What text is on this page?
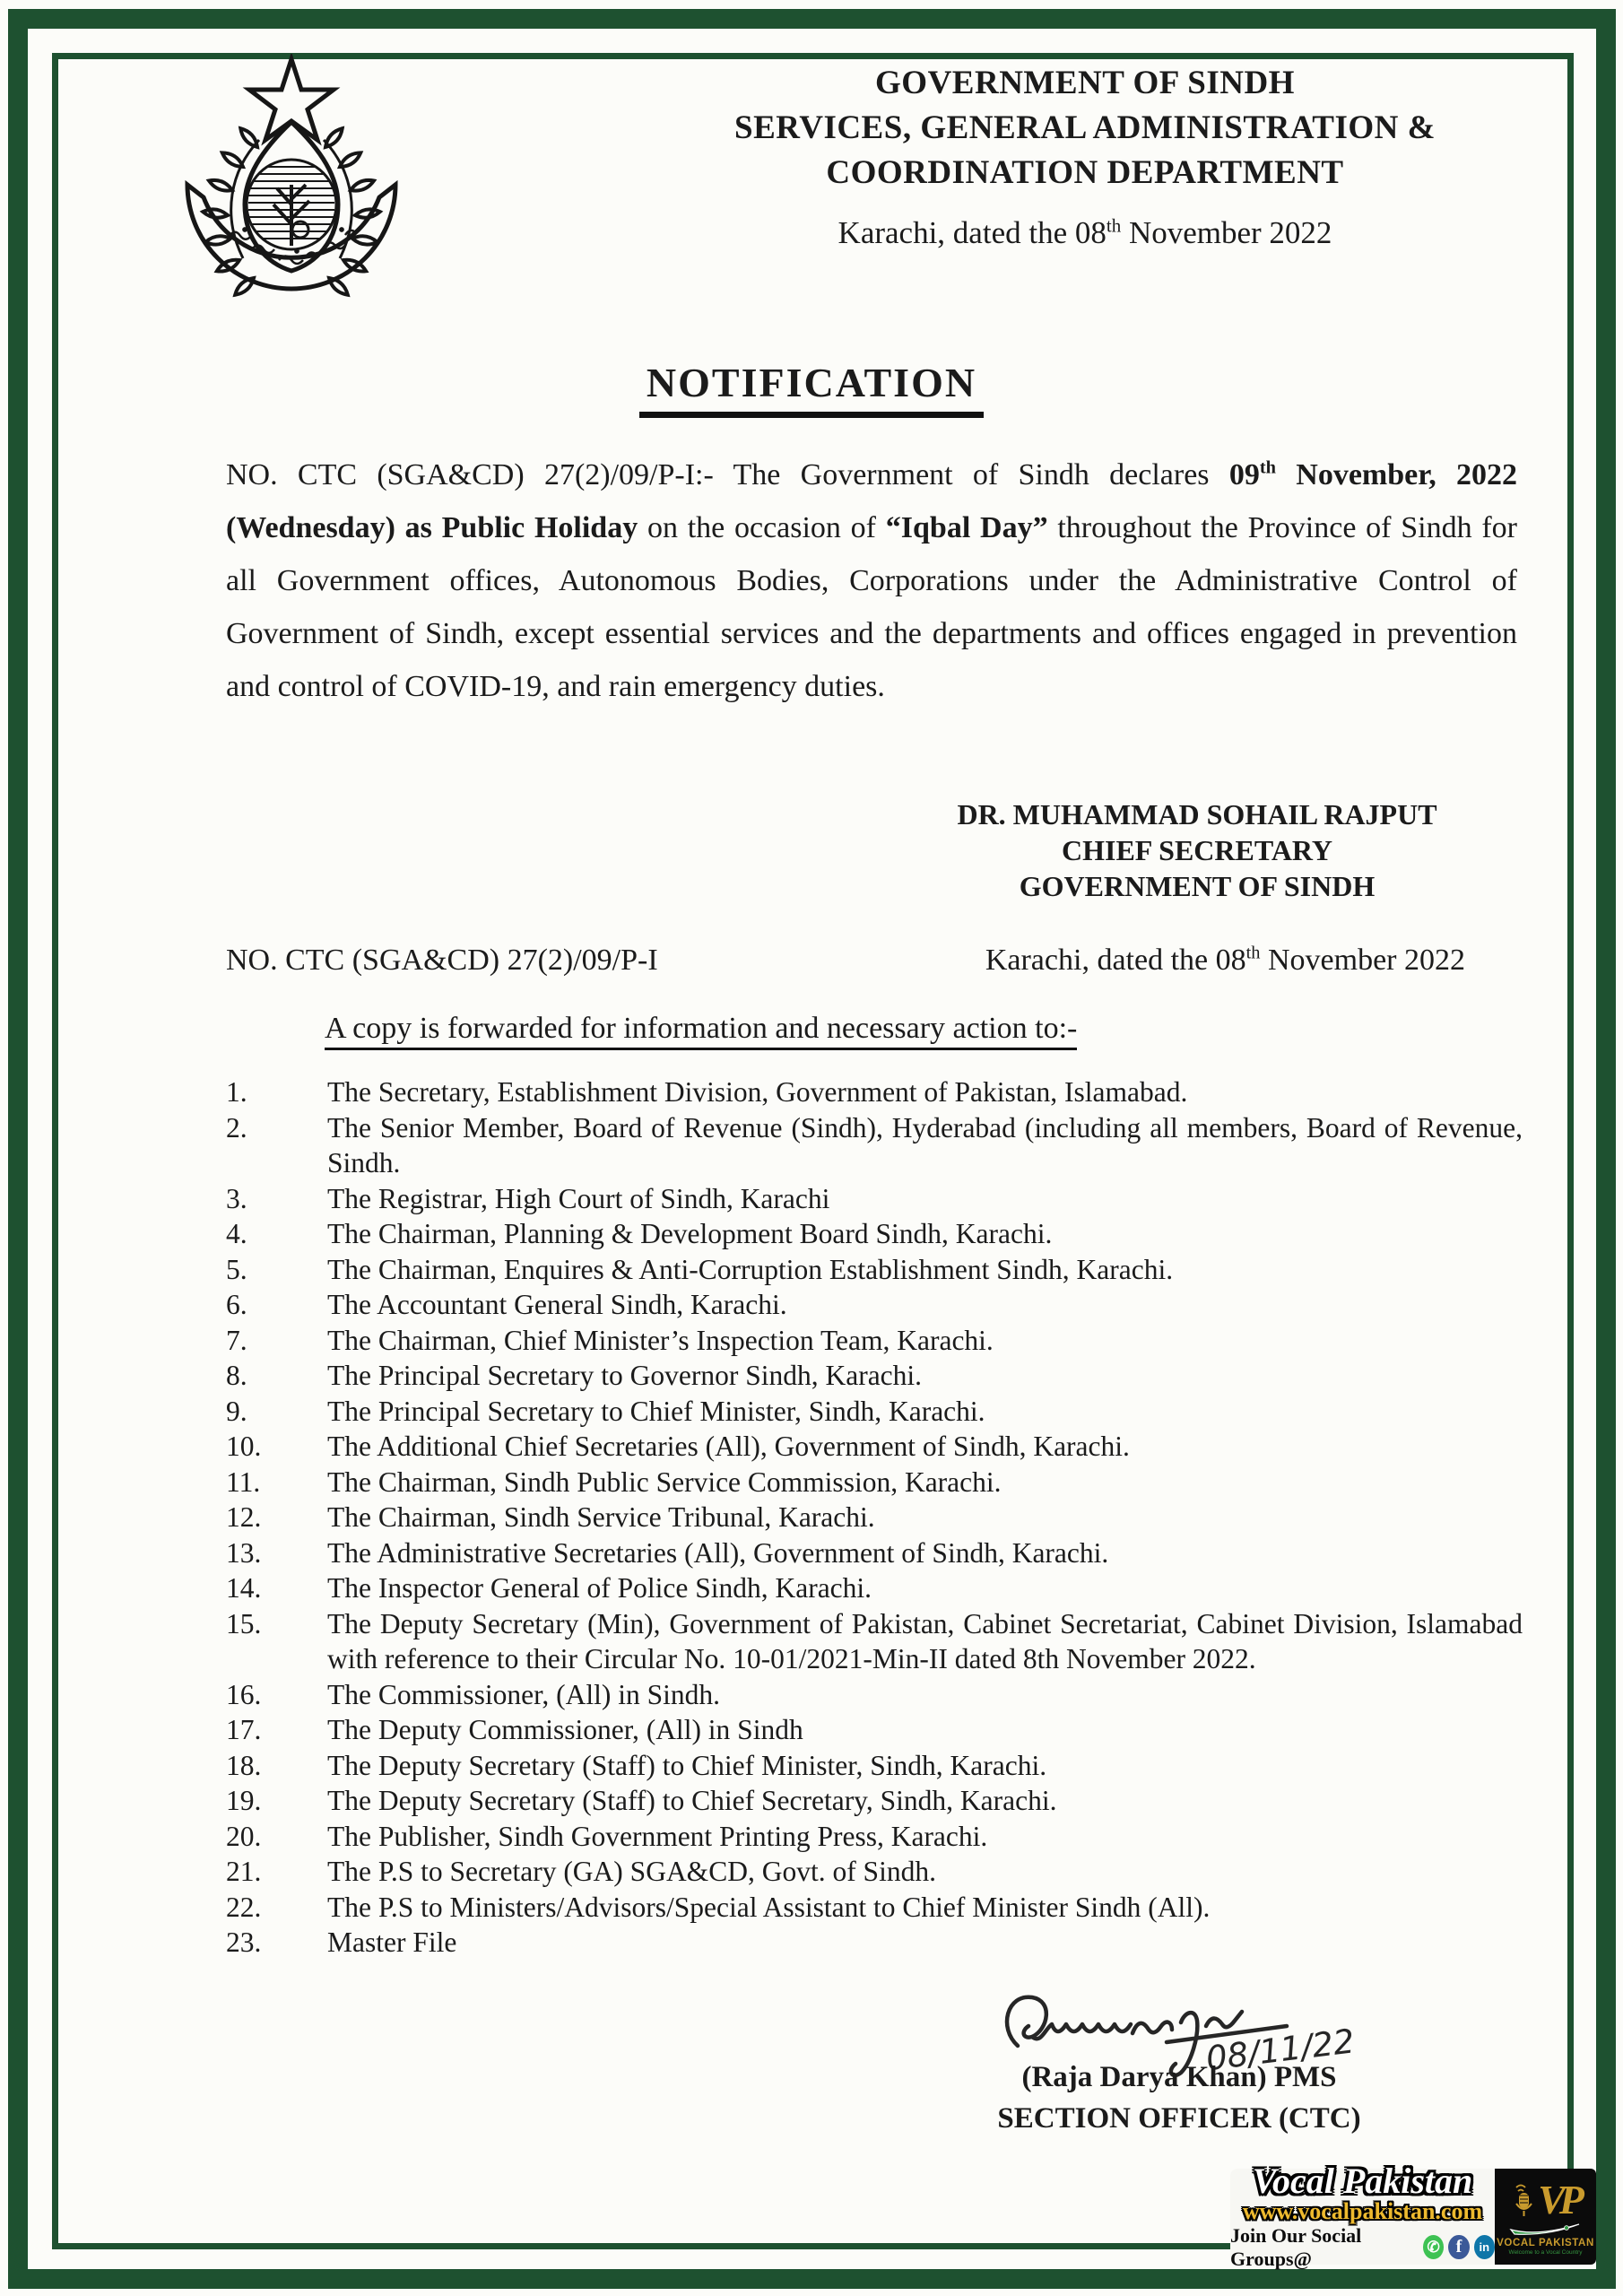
GOVERNMENT OF SINDH
SERVICES, GENERAL ADMINISTRATION &
COORDINATION DEPARTMENT
Karachi, dated the 08th November 2022
NOTIFICATION
NO. CTC (SGA&CD) 27(2)/09/P-I:- The Government of Sindh declares 09th November, 2022 (Wednesday) as Public Holiday on the occasion of “Iqbal Day” throughout the Province of Sindh for all Government offices, Autonomous Bodies, Corporations under the Administrative Control of Government of Sindh, except essential services and the departments and offices engaged in prevention and control of COVID-19, and rain emergency duties.
DR. MUHAMMAD SOHAIL RAJPUT
CHIEF SECRETARY
GOVERNMENT OF SINDH
NO. CTC (SGA&CD) 27(2)/09/P-I	Karachi, dated the 08th November 2022
A copy is forwarded for information and necessary action to:-
1.	The Secretary, Establishment Division, Government of Pakistan, Islamabad.
2.	The Senior Member, Board of Revenue (Sindh), Hyderabad (including all members, Board of Revenue, Sindh.
3.	The Registrar, High Court of Sindh, Karachi
4.	The Chairman, Planning & Development Board Sindh, Karachi.
5.	The Chairman, Enquires & Anti-Corruption Establishment Sindh, Karachi.
6.	The Accountant General Sindh, Karachi.
7.	The Chairman, Chief Minister’s Inspection Team, Karachi.
8.	The Principal Secretary to Governor Sindh, Karachi.
9.	The Principal Secretary to Chief Minister, Sindh, Karachi.
10.	The Additional Chief Secretaries (All), Government of Sindh, Karachi.
11.	The Chairman, Sindh Public Service Commission, Karachi.
12.	The Chairman, Sindh Service Tribunal, Karachi.
13.	The Administrative Secretaries (All), Government of Sindh, Karachi.
14.	The Inspector General of Police Sindh, Karachi.
15.	The Deputy Secretary (Min), Government of Pakistan, Cabinet Secretariat, Cabinet Division, Islamabad with reference to their Circular No. 10-01/2021-Min-II dated 8th November 2022.
16.	The Commissioner, (All) in Sindh.
17.	The Deputy Commissioner, (All) in Sindh
18.	The Deputy Secretary (Staff) to Chief Minister, Sindh, Karachi.
19.	The Deputy Secretary (Staff) to Chief Secretary, Sindh, Karachi.
20.	The Publisher, Sindh Government Printing Press, Karachi.
21.	The P.S to Secretary (GA) SGA&CD, Govt. of Sindh.
22.	The P.S to Ministers/Advisors/Special Assistant to Chief Minister Sindh (All).
23.	Master File
08/11/22
(Raja Darya Khan) PMS
SECTION OFFICER (CTC)
Vocal Pakistan
www.vocalpakistan.com
Join Our Social Groups@
✆ f	in
VP
VOCAL PAKISTAN
Welcome to a Vocal Country
